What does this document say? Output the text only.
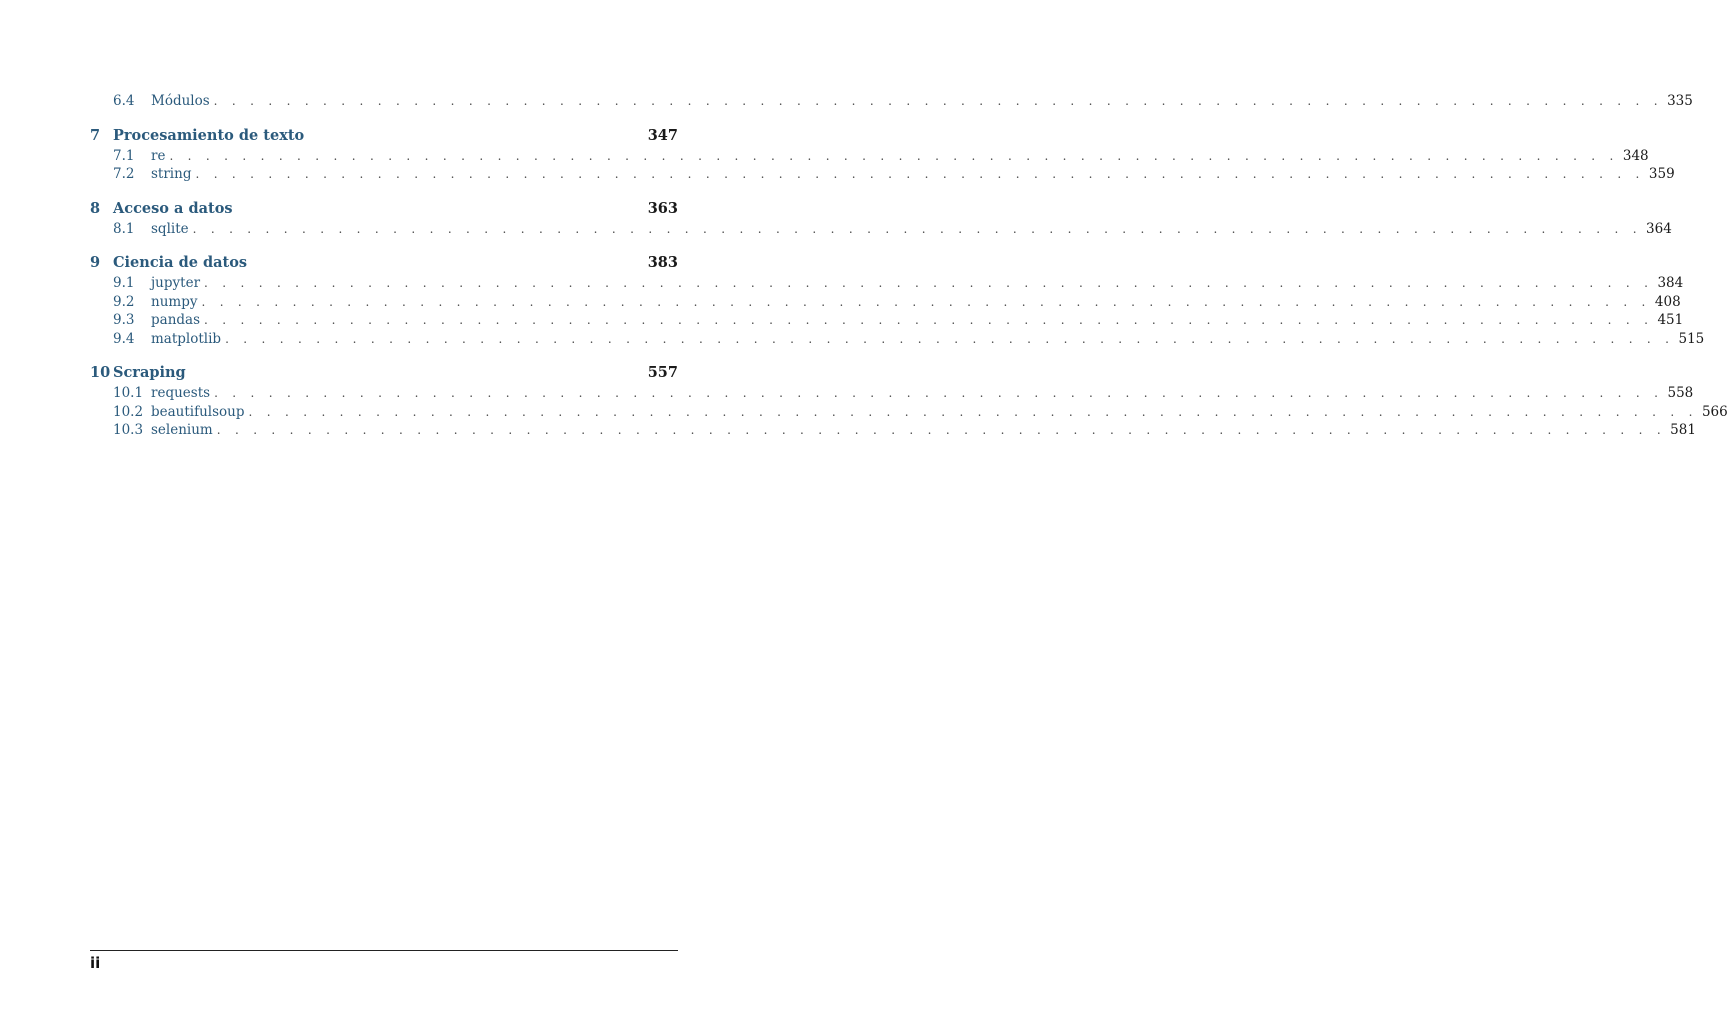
6.4	Módulos . . . . . . . . . . . . . . . . . . . . . . . . . . . . . . . . . . . . . . . . . . . . . . . . . . . . . . . . . . . . . . . . . . . . . . . . . . . . . . . . 335
7 Procesamiento de texto	347
7.1	re . . . . . . . . . . . . . . . . . . . . . . . . . . . . . . . . . . . . . . . . . . . . . . . . . . . . . . . . . . . . . . . . . . . . . . . . . . . . . . . . 348
7.2	string . . . . . . . . . . . . . . . . . . . . . . . . . . . . . . . . . . . . . . . . . . . . . . . . . . . . . . . . . . . . . . . . . . . . . . . . . . . . . . . . 359
8 Acceso a datos	363
8.1	sqlite . . . . . . . . . . . . . . . . . . . . . . . . . . . . . . . . . . . . . . . . . . . . . . . . . . . . . . . . . . . . . . . . . . . . . . . . . . . . . . . . 364
9 Ciencia de datos	383
9.1	jupyter . . . . . . . . . . . . . . . . . . . . . . . . . . . . . . . . . . . . . . . . . . . . . . . . . . . . . . . . . . . . . . . . . . . . . . . . . . . . . . . . 384
9.2	numpy . . . . . . . . . . . . . . . . . . . . . . . . . . . . . . . . . . . . . . . . . . . . . . . . . . . . . . . . . . . . . . . . . . . . . . . . . . . . . . . . 408
9.3	pandas . . . . . . . . . . . . . . . . . . . . . . . . . . . . . . . . . . . . . . . . . . . . . . . . . . . . . . . . . . . . . . . . . . . . . . . . . . . . . . . . 451
9.4	matplotlib . . . . . . . . . . . . . . . . . . . . . . . . . . . . . . . . . . . . . . . . . . . . . . . . . . . . . . . . . . . . . . . . . . . . . . . . . . . . . . . . 515
10 Scraping	557
10.1 requests . . . . . . . . . . . . . . . . . . . . . . . . . . . . . . . . . . . . . . . . . . . . . . . . . . . . . . . . . . . . . . . . . . . . . . . . . . . . . . . . 558
10.2 beautifulsoup . . . . . . . . . . . . . . . . . . . . . . . . . . . . . . . . . . . . . . . . . . . . . . . . . . . . . . . . . . . . . . . . . . . . . . . . . . . . . . . . 566
10.3 selenium . . . . . . . . . . . . . . . . . . . . . . . . . . . . . . . . . . . . . . . . . . . . . . . . . . . . . . . . . . . . . . . . . . . . . . . . . . . . . . . . 581
ii
